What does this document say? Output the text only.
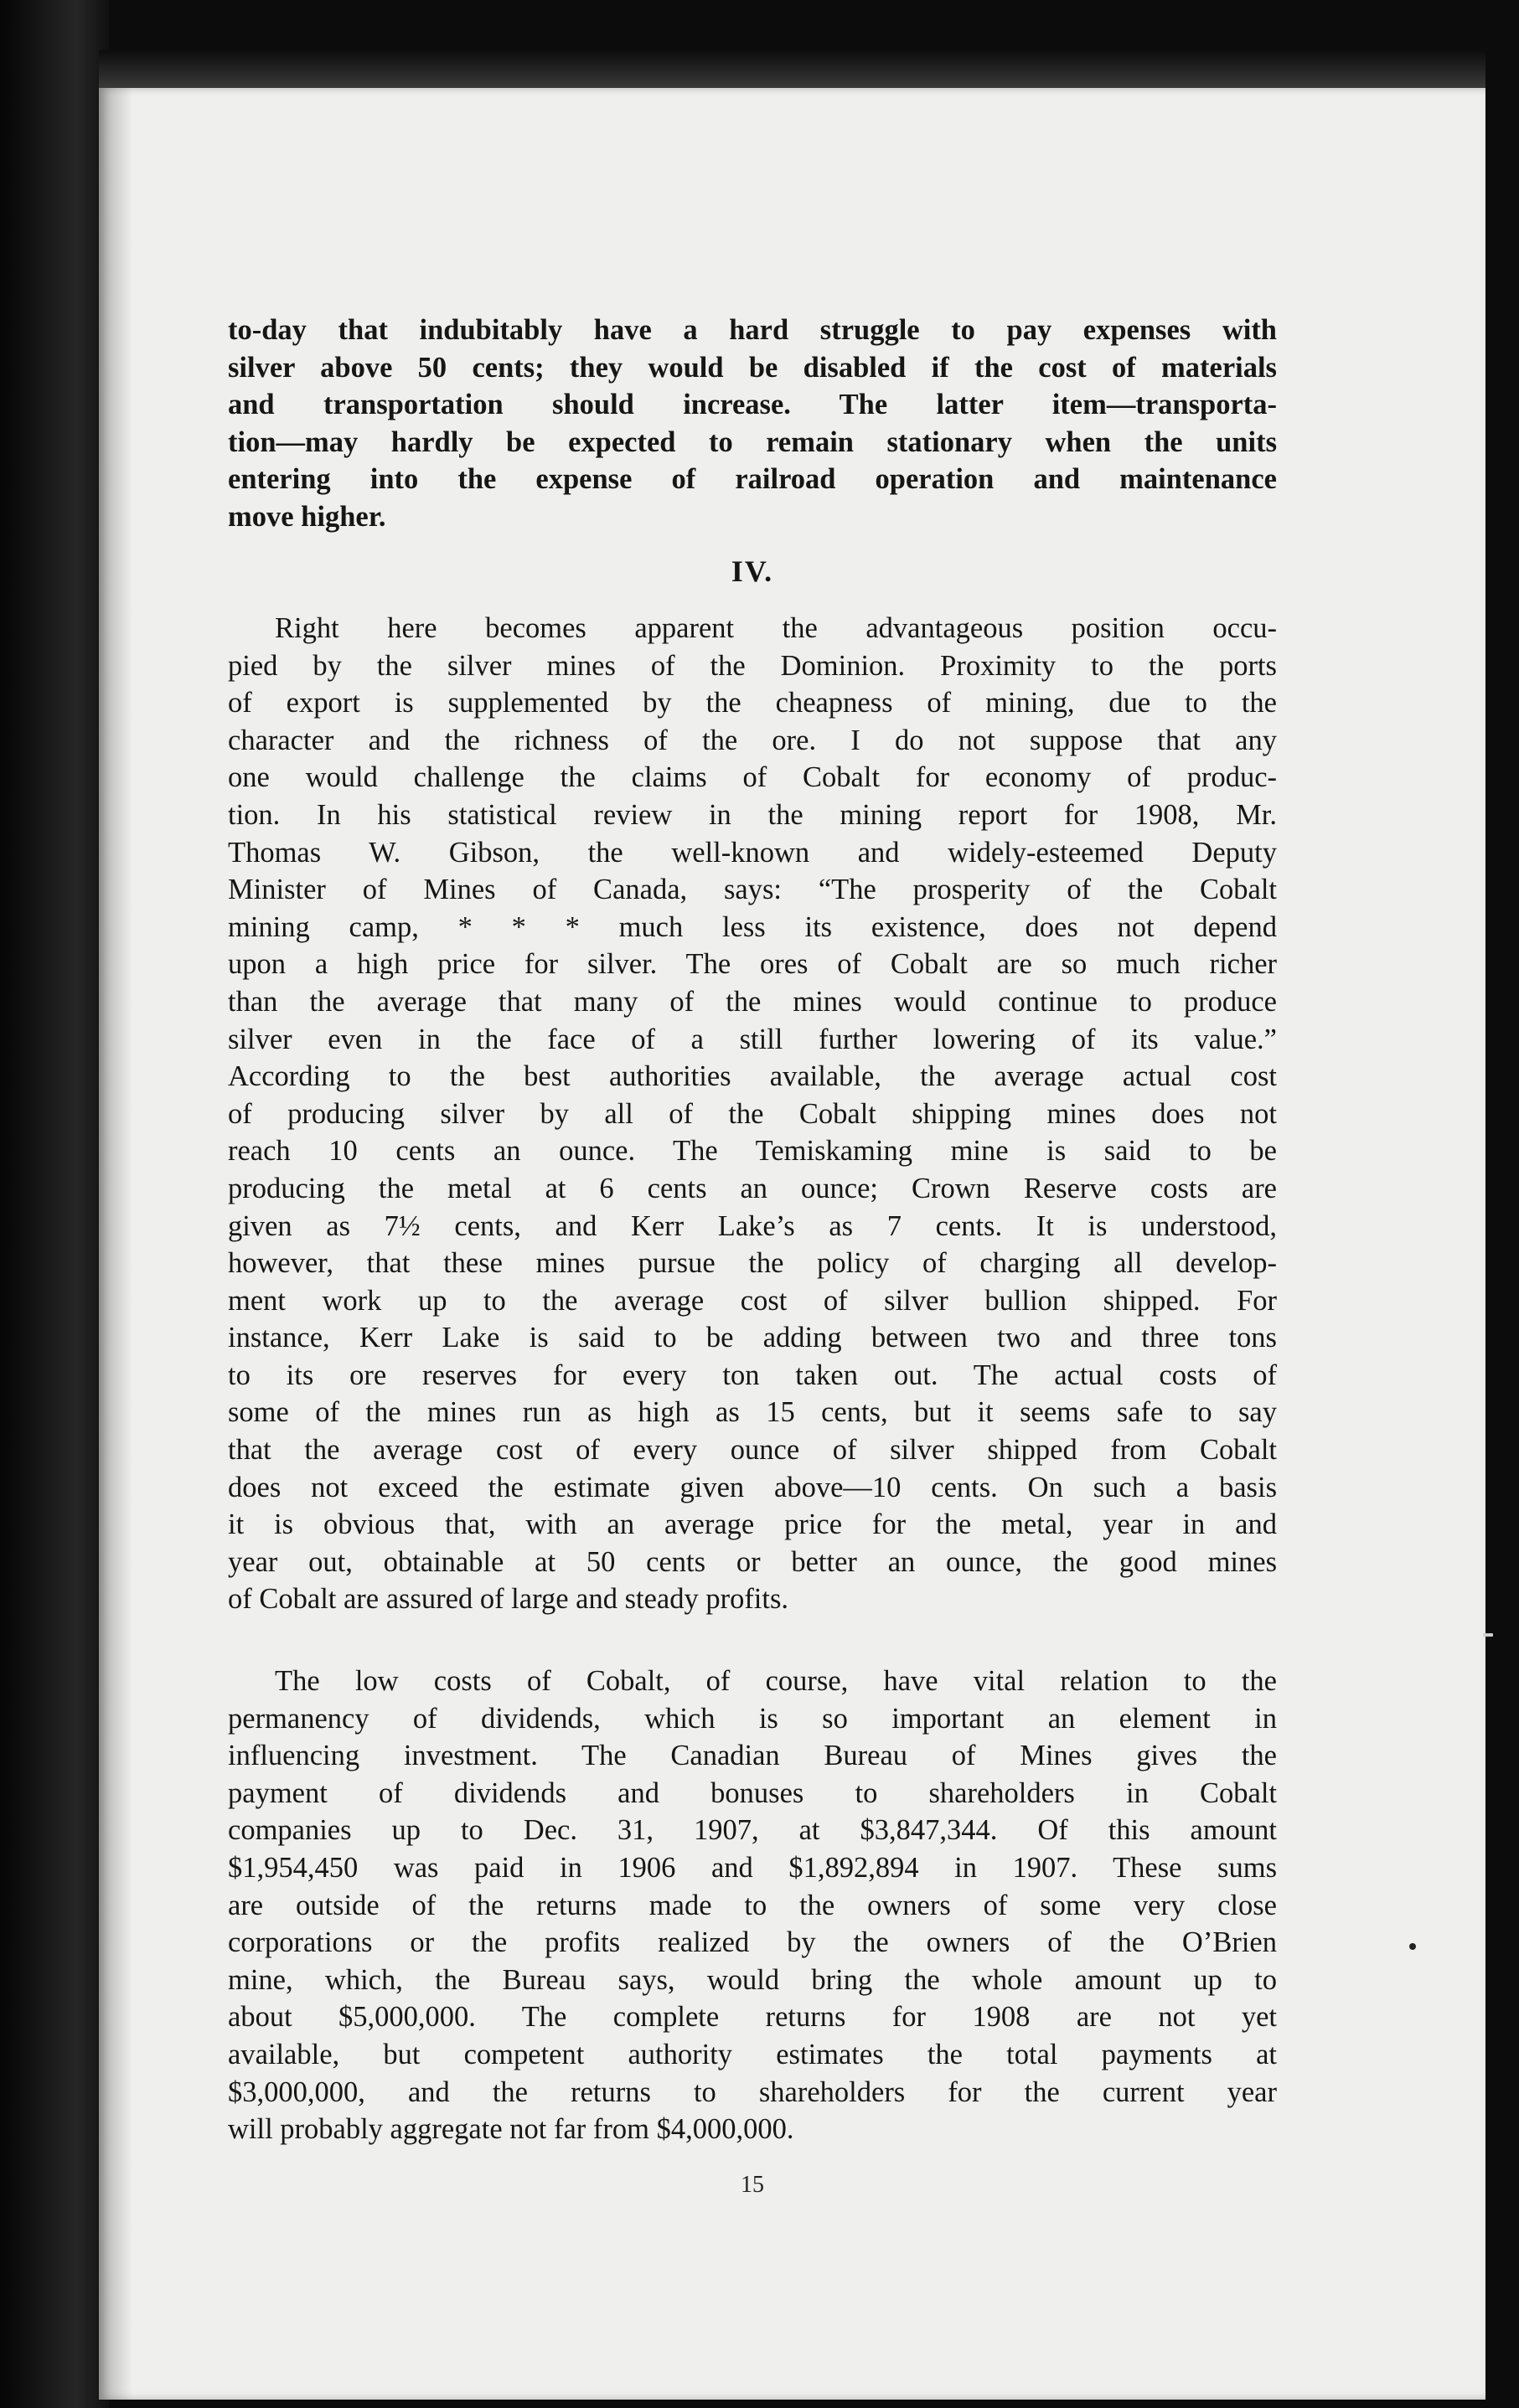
to-day that indubitably have a hard struggle to pay expenses with
silver above 50 cents; they would be disabled if the cost of materials
and transportation should increase. The latter item—transporta-
tion—may hardly be expected to remain stationary when the units
entering into the expense of railroad operation and maintenance
move higher.
IV.
Right here becomes apparent the advantageous position occu-
pied by the silver mines of the Dominion. Proximity to the ports
of export is supplemented by the cheapness of mining, due to the
character and the richness of the ore. I do not suppose that any
one would challenge the claims of Cobalt for economy of produc-
tion. In his statistical review in the mining report for 1908, Mr.
Thomas W. Gibson, the well-known and widely-esteemed Deputy
Minister of Mines of Canada, says: “The prosperity of the Cobalt
mining camp, * * * much less its existence, does not depend
upon a high price for silver. The ores of Cobalt are so much richer
than the average that many of the mines would continue to produce
silver even in the face of a still further lowering of its value.”
According to the best authorities available, the average actual cost
of producing silver by all of the Cobalt shipping mines does not
reach 10 cents an ounce. The Temiskaming mine is said to be
producing the metal at 6 cents an ounce; Crown Reserve costs are
given as 7½ cents, and Kerr Lake’s as 7 cents. It is understood,
however, that these mines pursue the policy of charging all develop-
ment work up to the average cost of silver bullion shipped. For
instance, Kerr Lake is said to be adding between two and three tons
to its ore reserves for every ton taken out. The actual costs of
some of the mines run as high as 15 cents, but it seems safe to say
that the average cost of every ounce of silver shipped from Cobalt
does not exceed the estimate given above—10 cents. On such a basis
it is obvious that, with an average price for the metal, year in and
year out, obtainable at 50 cents or better an ounce, the good mines
of Cobalt are assured of large and steady profits.
The low costs of Cobalt, of course, have vital relation to the
permanency of dividends, which is so important an element in
influencing investment. The Canadian Bureau of Mines gives the
payment of dividends and bonuses to shareholders in Cobalt
companies up to Dec. 31, 1907, at $3,847,344. Of this amount
$1,954,450 was paid in 1906 and $1,892,894 in 1907. These sums
are outside of the returns made to the owners of some very close
corporations or the profits realized by the owners of the O’Brien
mine, which, the Bureau says, would bring the whole amount up to
about $5,000,000. The complete returns for 1908 are not yet
available, but competent authority estimates the total payments at
$3,000,000, and the returns to shareholders for the current year
will probably aggregate not far from $4,000,000.
15
